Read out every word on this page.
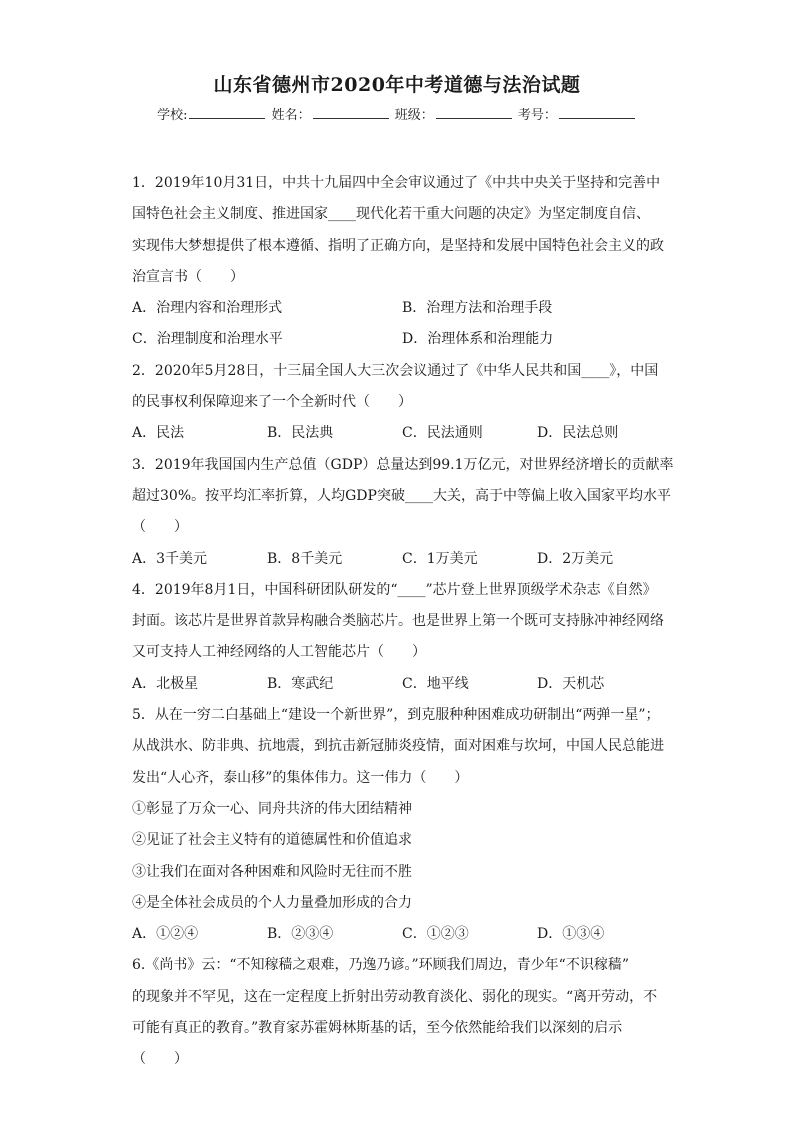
山东省德州市2020年中考道德与法治试题
学校:	姓名：	班级：	考号：
1．2019年10月31日，中共十九届四中全会审议通过了《中共中央关于坚持和完善中
国特色社会主义制度、推进国家____现代化若干重大问题的决定》为坚定制度自信、
实现伟大梦想提供了根本遵循、指明了正确方向，是坚持和发展中国特色社会主义的政
治宣言书（　　）
A．治理内容和治理形式	B．治理方法和治理手段
C．治理制度和治理水平	D．治理体系和治理能力
2．2020年5月28日，十三届全国人大三次会议通过了《中华人民共和国____》，中国
的民事权利保障迎来了一个全新时代（　　）
A．民法	B．民法典	C．民法通则	D．民法总则
3．2019年我国国内生产总值（GDP）总量达到99.1万亿元，对世界经济增长的贡献率
超过30%。按平均汇率折算，人均GDP突破____大关，高于中等偏上收入国家平均水平
（　　）
A．3千美元	B．8千美元	C．1万美元	D．2万美元
4．2019年8月1日，中国科研团队研发的“____”芯片登上世界顶级学术杂志《自然》
封面。该芯片是世界首款异构融合类脑芯片。也是世界上第一个既可支持脉冲神经网络
又可支持人工神经网络的人工智能芯片（　　）
A．北极星	B．寒武纪	C．地平线	D．天机芯
5．从在一穷二白基础上“建设一个新世界”，到克服种种困难成功研制出“两弹一星”；
从战洪水、防非典、抗地震，到抗击新冠肺炎疫情，面对困难与坎坷，中国人民总能进
发出“人心齐，泰山移”的集体伟力。这一伟力（　　）
①彰显了万众一心、同舟共济的伟大团结精神
②见证了社会主义特有的道德属性和价值追求
③让我们在面对各种困难和风险时无往而不胜
④是全体社会成员的个人力量叠加形成的合力
A．①②④	B．②③④	C．①②③	D．①③④
6.《尚书》云：“不知稼穑之艰难，乃逸乃谚。”环顾我们周边，青少年“不识稼穑”
的现象并不罕见，这在一定程度上折射出劳动教育淡化、弱化的现实。“离开劳动，不
可能有真正的教育。”教育家苏霍姆林斯基的话，至今依然能给我们以深刻的启示
（　　）
